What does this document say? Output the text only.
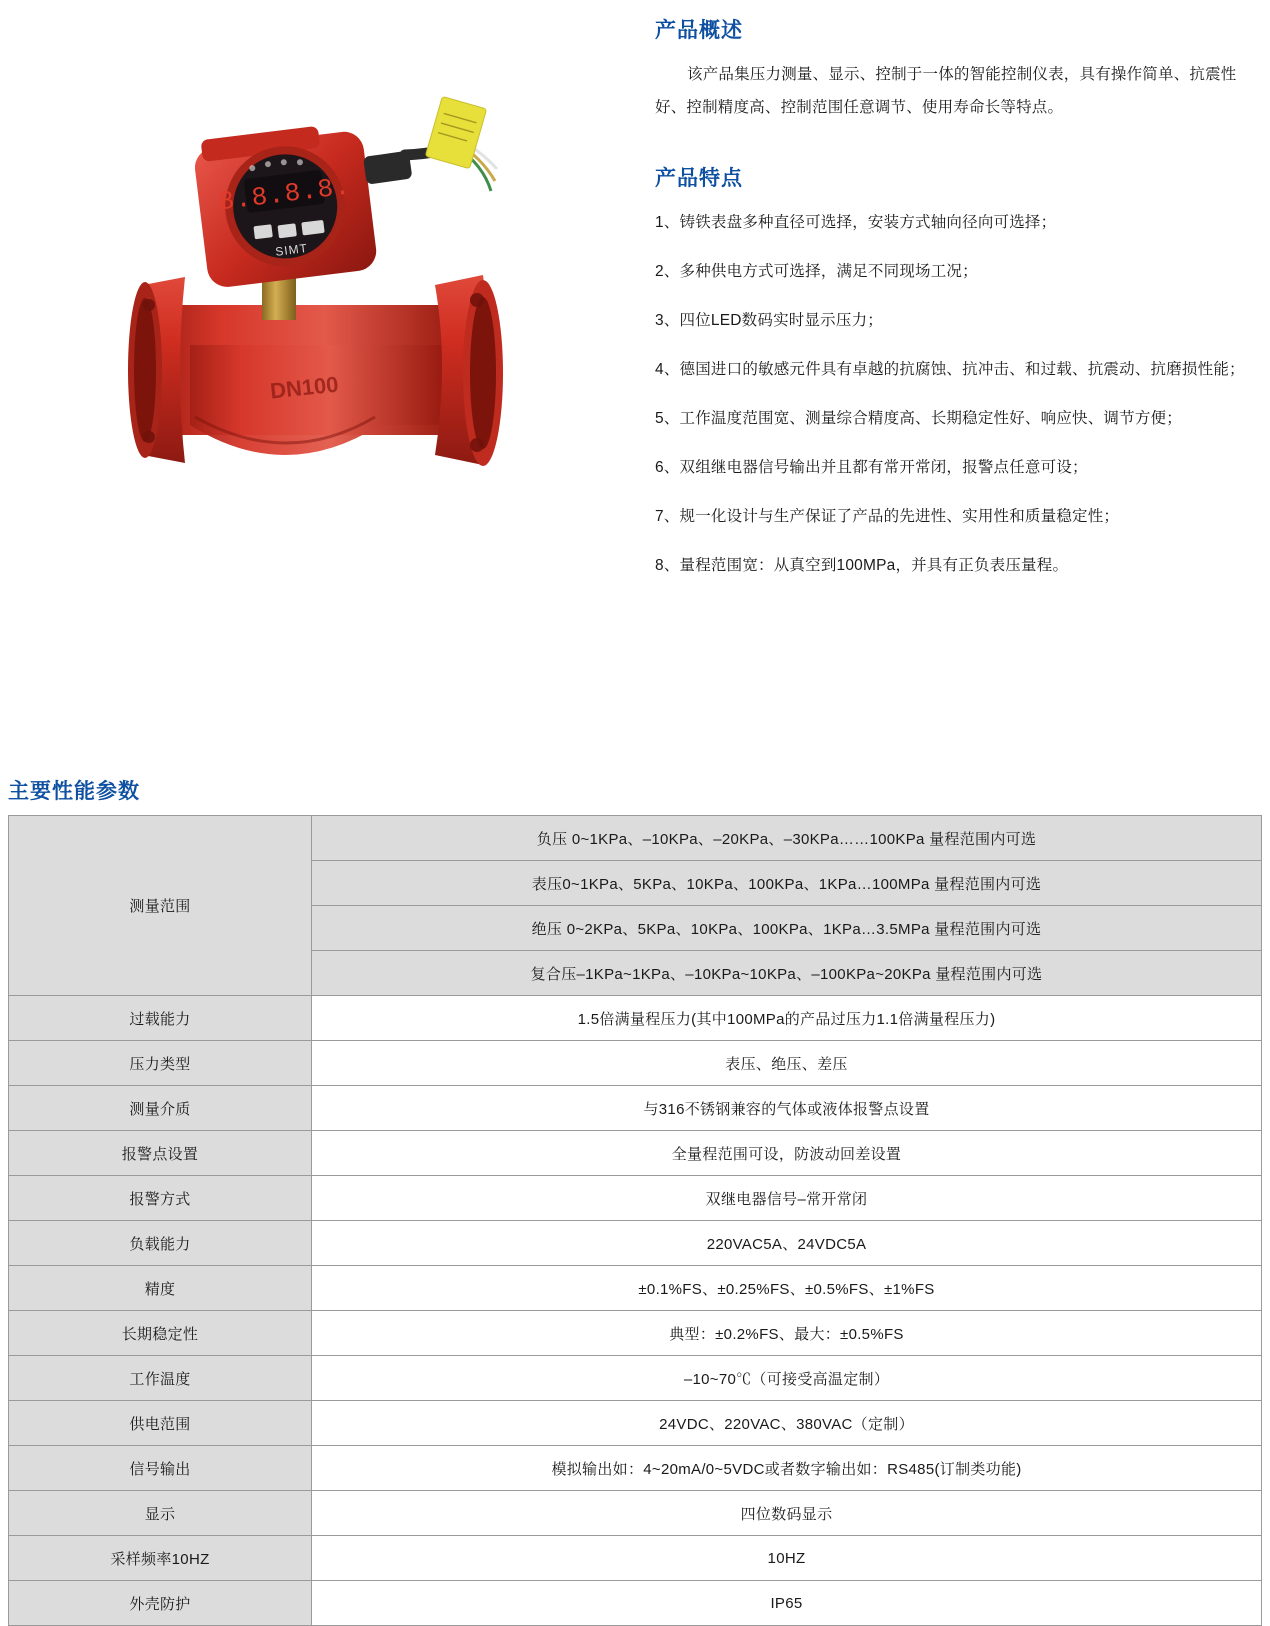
DN100
8.8.8.8.
SIMT
产品概述

该产品集压力测量、显示、控制于一体的智能控制仪表，具有操作简单、抗震性好、控制精度高、控制范围任意调节、使用寿命长等特点。

产品特点
1、铸铁表盘多种直径可选择，安装方式轴向径向可选择；
2、多种供电方式可选择，满足不同现场工况；
3、四位LED数码实时显示压力；
4、德国进口的敏感元件具有卓越的抗腐蚀、抗冲击、和过载、抗震动、抗磨损性能；
5、工作温度范围宽、测量综合精度高、长期稳定性好、响应快、调节方便；
6、双组继电器信号输出并且都有常开常闭，报警点任意可设；
7、规一化设计与生产保证了产品的先进性、实用性和质量稳定性；
8、量程范围宽：从真空到100MPa，并具有正负表压量程。
主要性能参数
测量范围	负压 0~1KPa、–10KPa、–20KPa、–30KPa……100KPa 量程范围内可选
	表压0~1KPa、5KPa、10KPa、100KPa、1KPa…100MPa 量程范围内可选
	绝压 0~2KPa、5KPa、10KPa、100KPa、1KPa…3.5MPa 量程范围内可选
	复合压–1KPa~1KPa、–10KPa~10KPa、–100KPa~20KPa 量程范围内可选
过载能力	1.5倍满量程压力(其中100MPa的产品过压力1.1倍满量程压力)
压力类型	表压、绝压、差压
测量介质	与316不锈钢兼容的气体或液体报警点设置
报警点设置	全量程范围可设，防波动回差设置
报警方式	双继电器信号–常开常闭
负载能力	220VAC5A、24VDC5A
精度	±0.1%FS、±0.25%FS、±0.5%FS、±1%FS
长期稳定性	典型：±0.2%FS、最大：±0.5%FS
工作温度	–10~70℃（可接受高温定制）
供电范围	24VDC、220VAC、380VAC（定制）
信号输出	模拟输出如：4~20mA/0~5VDC或者数字输出如：RS485(订制类功能)
显示	四位数码显示
采样频率10HZ	10HZ
外壳防护	IP65
